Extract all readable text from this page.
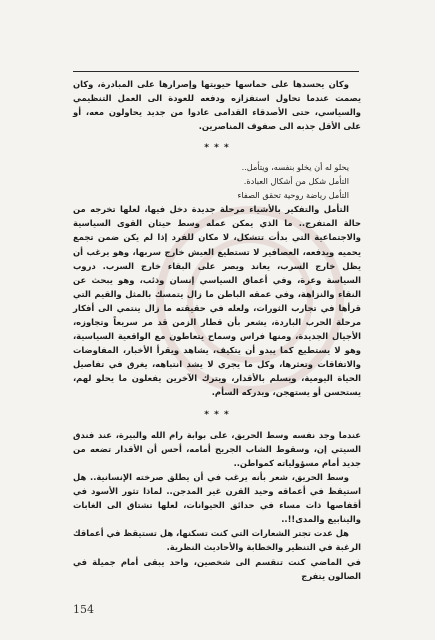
وكان يحسدها على حماسها حيويتها وإصرارها على المبادرة، وكان يصمت عندما تحاول استفزازه ودفعه للعودة الى العمل التنظيمي والسياسي، حتى الأصدقاء القدامى عادوا من جديد يحاولون معه، أو على الأقل جذبه الى صفوف المناصرين.

* * *

يحلو له أن يخلو بنفسه، ويتأمل..

التأمل شكل من أشكال العبادة.

التأمل رياضة روحية تحقق الصفاء

التأمل والتفكير بالأشياء مرحلة جديدة دخل فيها، لعلها تخرجه من حالة المتفرج.. ما الذي يمكن عمله وسط حيتان القوى السياسية والاجتماعية التي بدأت تتشكل، لا مكان للفرد إذا لم يكن ضمن تجمع يحميه ويدفعه، العصافير لا تستطيع العيش خارج سربها، وهو يرغب أن يظل خارج السرب، يعاند ويصر على البقاء خارج السرب. دروب السياسة وعرة، وفي أعماق السياسي إنسان وذئب، وهو يبحث عن النقاء والنزاهة، وفي عمقه الباطن ما زال يتمسك بالمثل والقيم التي قرأها في تجارب الثورات، ولعله في حقيقته ما زال ينتمي الى أفكار مرحلة الحرب الباردة، يشعر بأن قطار الزمن قد مر سريعاً وتجاوزه، الأجيال الجديدة، ومنها فراس وسماح يتعاطون مع الواقعية السياسية، وهو لا يستطيع كما يبدو أن يتكيف، يشاهد ويقرأ الأخبار، المفاوضات والاتفاقات وتعثرها، وكل ما يجري لا يشد انتباهه، يغرق في تفاصيل الحياة اليومية، ويسلم بالأقدار، ويترك الآخرين يفعلون ما يحلو لهم، يستحسن أو يستهجن، ويدركه السأم.

* * *

عندما وجد نفسه وسط الحريق، على بوابة رام الله والبيرة، عند فندق السيتي إن، وسقوط الشاب الجريح أمامه، أحس أن الأقدار تضعه من جديد أمام مسؤولياته كمواطن..

وسط الحريق، شعر بأنه يرغب في أن يطلق صرخته الإنسانية.. هل استيقظ في أعماقه وحيد القرن غير المدجن.. لماذا تثور الأسود في أقفاصها ذات مساء في حدائق الحيوانات، لعلها تشتاق الى الغابات والينابيع والمدى!!..

هل عدت تجتر الشعارات التي كنت تسكنها، هل تستيقظ في أعماقك الرغبة في التنظير والخطابة والأحاديث النظرية.

في الماضي كنت تنقسم الى شخصين، واحد يبقى أمام جميلة في الصالون يتفرج

154
